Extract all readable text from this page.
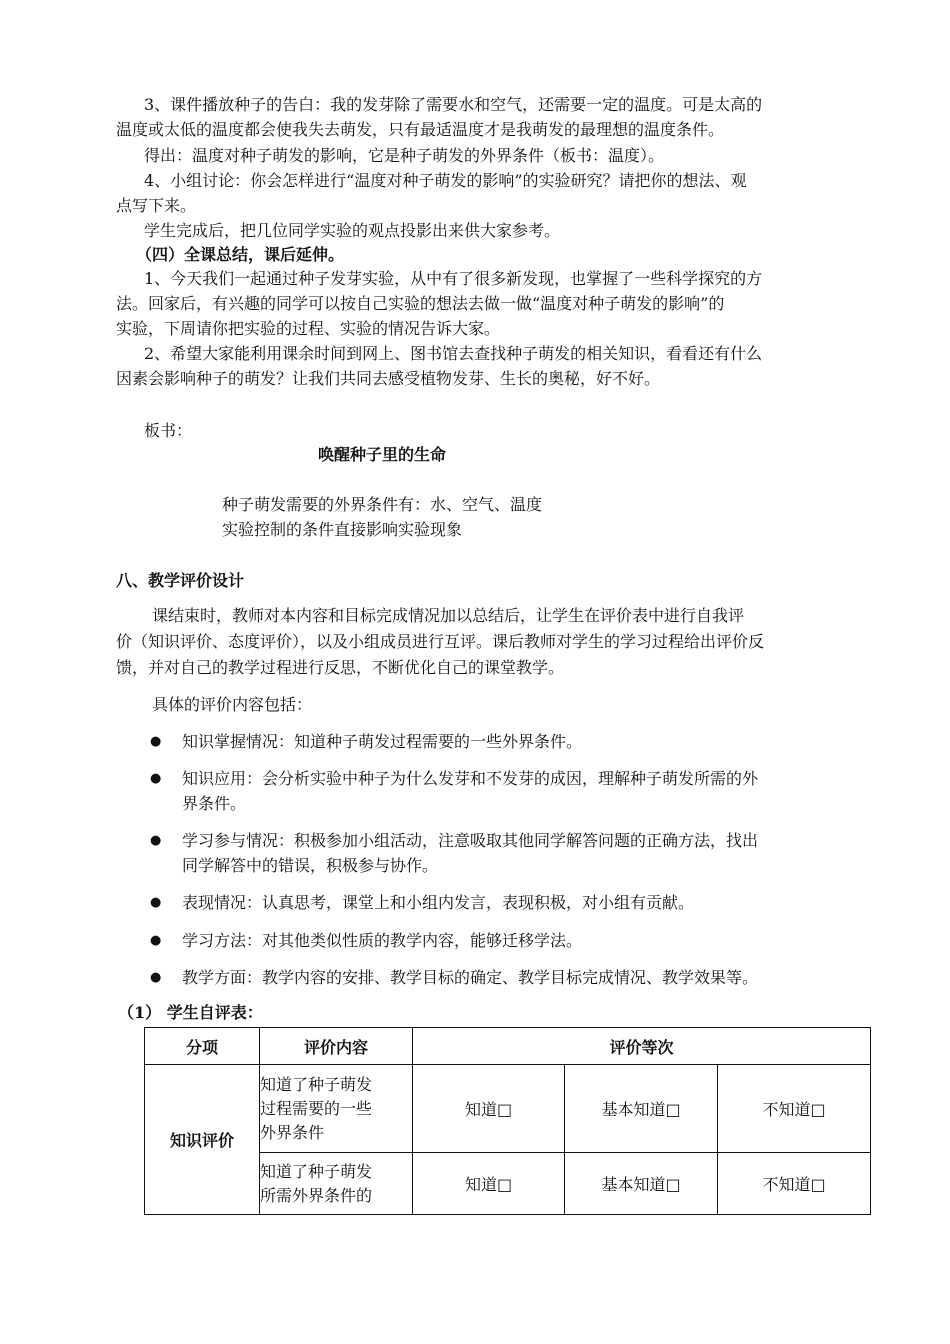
3、课件播放种子的告白：我的发芽除了需要水和空气，还需要一定的温度。可是太高的
温度或太低的温度都会使我失去萌发，只有最适温度才是我萌发的最理想的温度条件。
得出：温度对种子萌发的影响，它是种子萌发的外界条件（板书：温度）。
4、小组讨论：你会怎样进行“温度对种子萌发的影响”的实验研究？请把你的想法、观
点写下来。
学生完成后，把几位同学实验的观点投影出来供大家参考。
（四）全课总结，课后延伸。
1、今天我们一起通过种子发芽实验，从中有了很多新发现，也掌握了一些科学探究的方
法。回家后，有兴趣的同学可以按自己实验的想法去做一做“温度对种子萌发的影响”的
实验，下周请你把实验的过程、实验的情况告诉大家。
2、希望大家能利用课余时间到网上、图书馆去查找种子萌发的相关知识，看看还有什么
因素会影响种子的萌发？让我们共同去感受植物发芽、生长的奥秘，好不好。
板书：
唤醒种子里的生命
种子萌发需要的外界条件有：水、空气、温度
实验控制的条件直接影响实验现象
八、教学评价设计
课结束时，教师对本内容和目标完成情况加以总结后，让学生在评价表中进行自我评
价（知识评价、态度评价），以及小组成员进行互评。课后教师对学生的学习过程给出评价反
馈，并对自己的教学过程进行反思，不断优化自己的课堂教学。
具体的评价内容包括：
● 知识掌握情况：知道种子萌发过程需要的一些外界条件。
● 知识应用：会分析实验中种子为什么发芽和不发芽的成因，理解种子萌发所需的外
界条件。
● 学习参与情况：积极参加小组活动，注意吸取其他同学解答问题的正确方法，找出
同学解答中的错误，积极参与协作。
● 表现情况：认真思考，课堂上和小组内发言，表现积极，对小组有贡献。
● 学习方法：对其他类似性质的教学内容，能够迁移学法。
● 教学方面：教学内容的安排、教学目标的确定、教学目标完成情况、教学效果等。
（1） 学生自评表：
分项	评价内容	评价等次		
知识评价	知道了种子萌发
过程需要的一些
外界条件	知道□	基本知道□	不知道□

	知道了种子萌发
所需外界条件的	知道□	基本知道□	不知道□
